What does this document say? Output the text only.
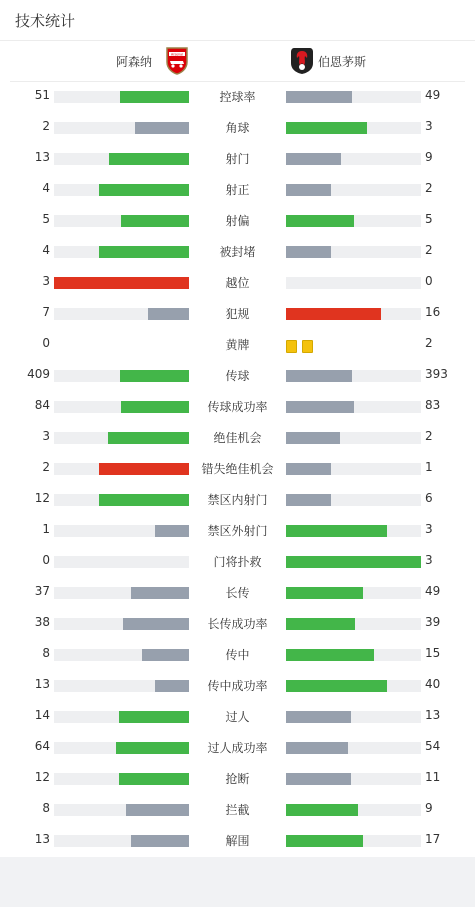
技术统计
阿森纳
Arsenal
伯恩茅斯
51	控球率	49
2	角球	3
13	射门	9
4	射正	2
5	射偏	5
4	被封堵	2
3	越位	0
7	犯规	16
0	黄牌	2
409	传球	393
84	传球成功率	83
3	绝佳机会	2
2	错失绝佳机会	1
12	禁区内射门	6
1	禁区外射门	3
0	门将扑救	3
37	长传	49
38	长传成功率	39
8	传中	15
13	传中成功率	40
14	过人	13
64	过人成功率	54
12	抢断	11
8	拦截	9
13	解围	17
